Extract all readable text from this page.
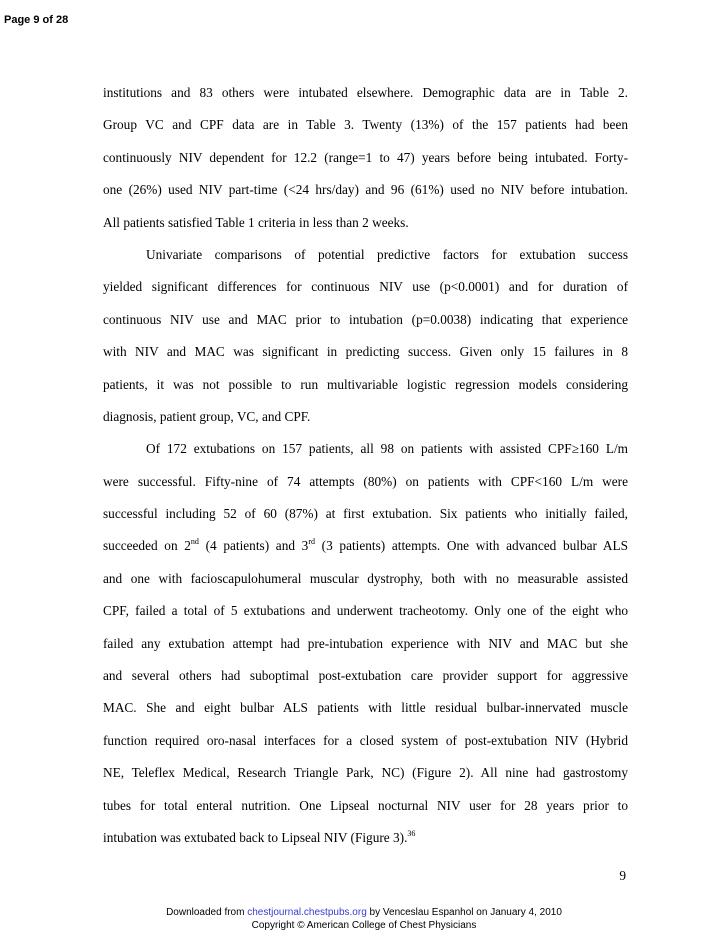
Page 9 of 28
institutions and 83 others were intubated elsewhere. Demographic data are in Table 2.
Group VC and CPF data are in Table 3. Twenty (13%) of the 157 patients had been
continuously NIV dependent for 12.2 (range=1 to 47) years before being intubated. Forty-
one (26%) used NIV part-time (<24 hrs/day) and 96 (61%) used no NIV before intubation.
All patients satisfied Table 1 criteria in less than 2 weeks.
Univariate comparisons of potential predictive factors for extubation success
yielded significant differences for continuous NIV use (p<0.0001) and for duration of
continuous NIV use and MAC prior to intubation (p=0.0038) indicating that experience
with NIV and MAC was significant in predicting success. Given only 15 failures in 8
patients, it was not possible to run multivariable logistic regression models considering
diagnosis, patient group, VC, and CPF.
Of 172 extubations on 157 patients, all 98 on patients with assisted CPF≥160 L/m
were successful. Fifty-nine of 74 attempts (80%) on patients with CPF<160 L/m were
successful including 52 of 60 (87%) at first extubation. Six patients who initially failed,
succeeded on 2nd (4 patients) and 3rd (3 patients) attempts. One with advanced bulbar ALS
and one with facioscapulohumeral muscular dystrophy, both with no measurable assisted
CPF, failed a total of 5 extubations and underwent tracheotomy. Only one of the eight who
failed any extubation attempt had pre-intubation experience with NIV and MAC but she
and several others had suboptimal post-extubation care provider support for aggressive
MAC. She and eight bulbar ALS patients with little residual bulbar-innervated muscle
function required oro-nasal interfaces for a closed system of post-extubation NIV (Hybrid
NE, Teleflex Medical, Research Triangle Park, NC) (Figure 2). All nine had gastrostomy
tubes for total enteral nutrition. One Lipseal nocturnal NIV user for 28 years prior to
intubation was extubated back to Lipseal NIV (Figure 3).$^{36}$
9
Downloaded from chestjournal.chestpubs.org by Venceslau Espanhol on January 4, 2010
Copyright © American College of Chest Physicians
